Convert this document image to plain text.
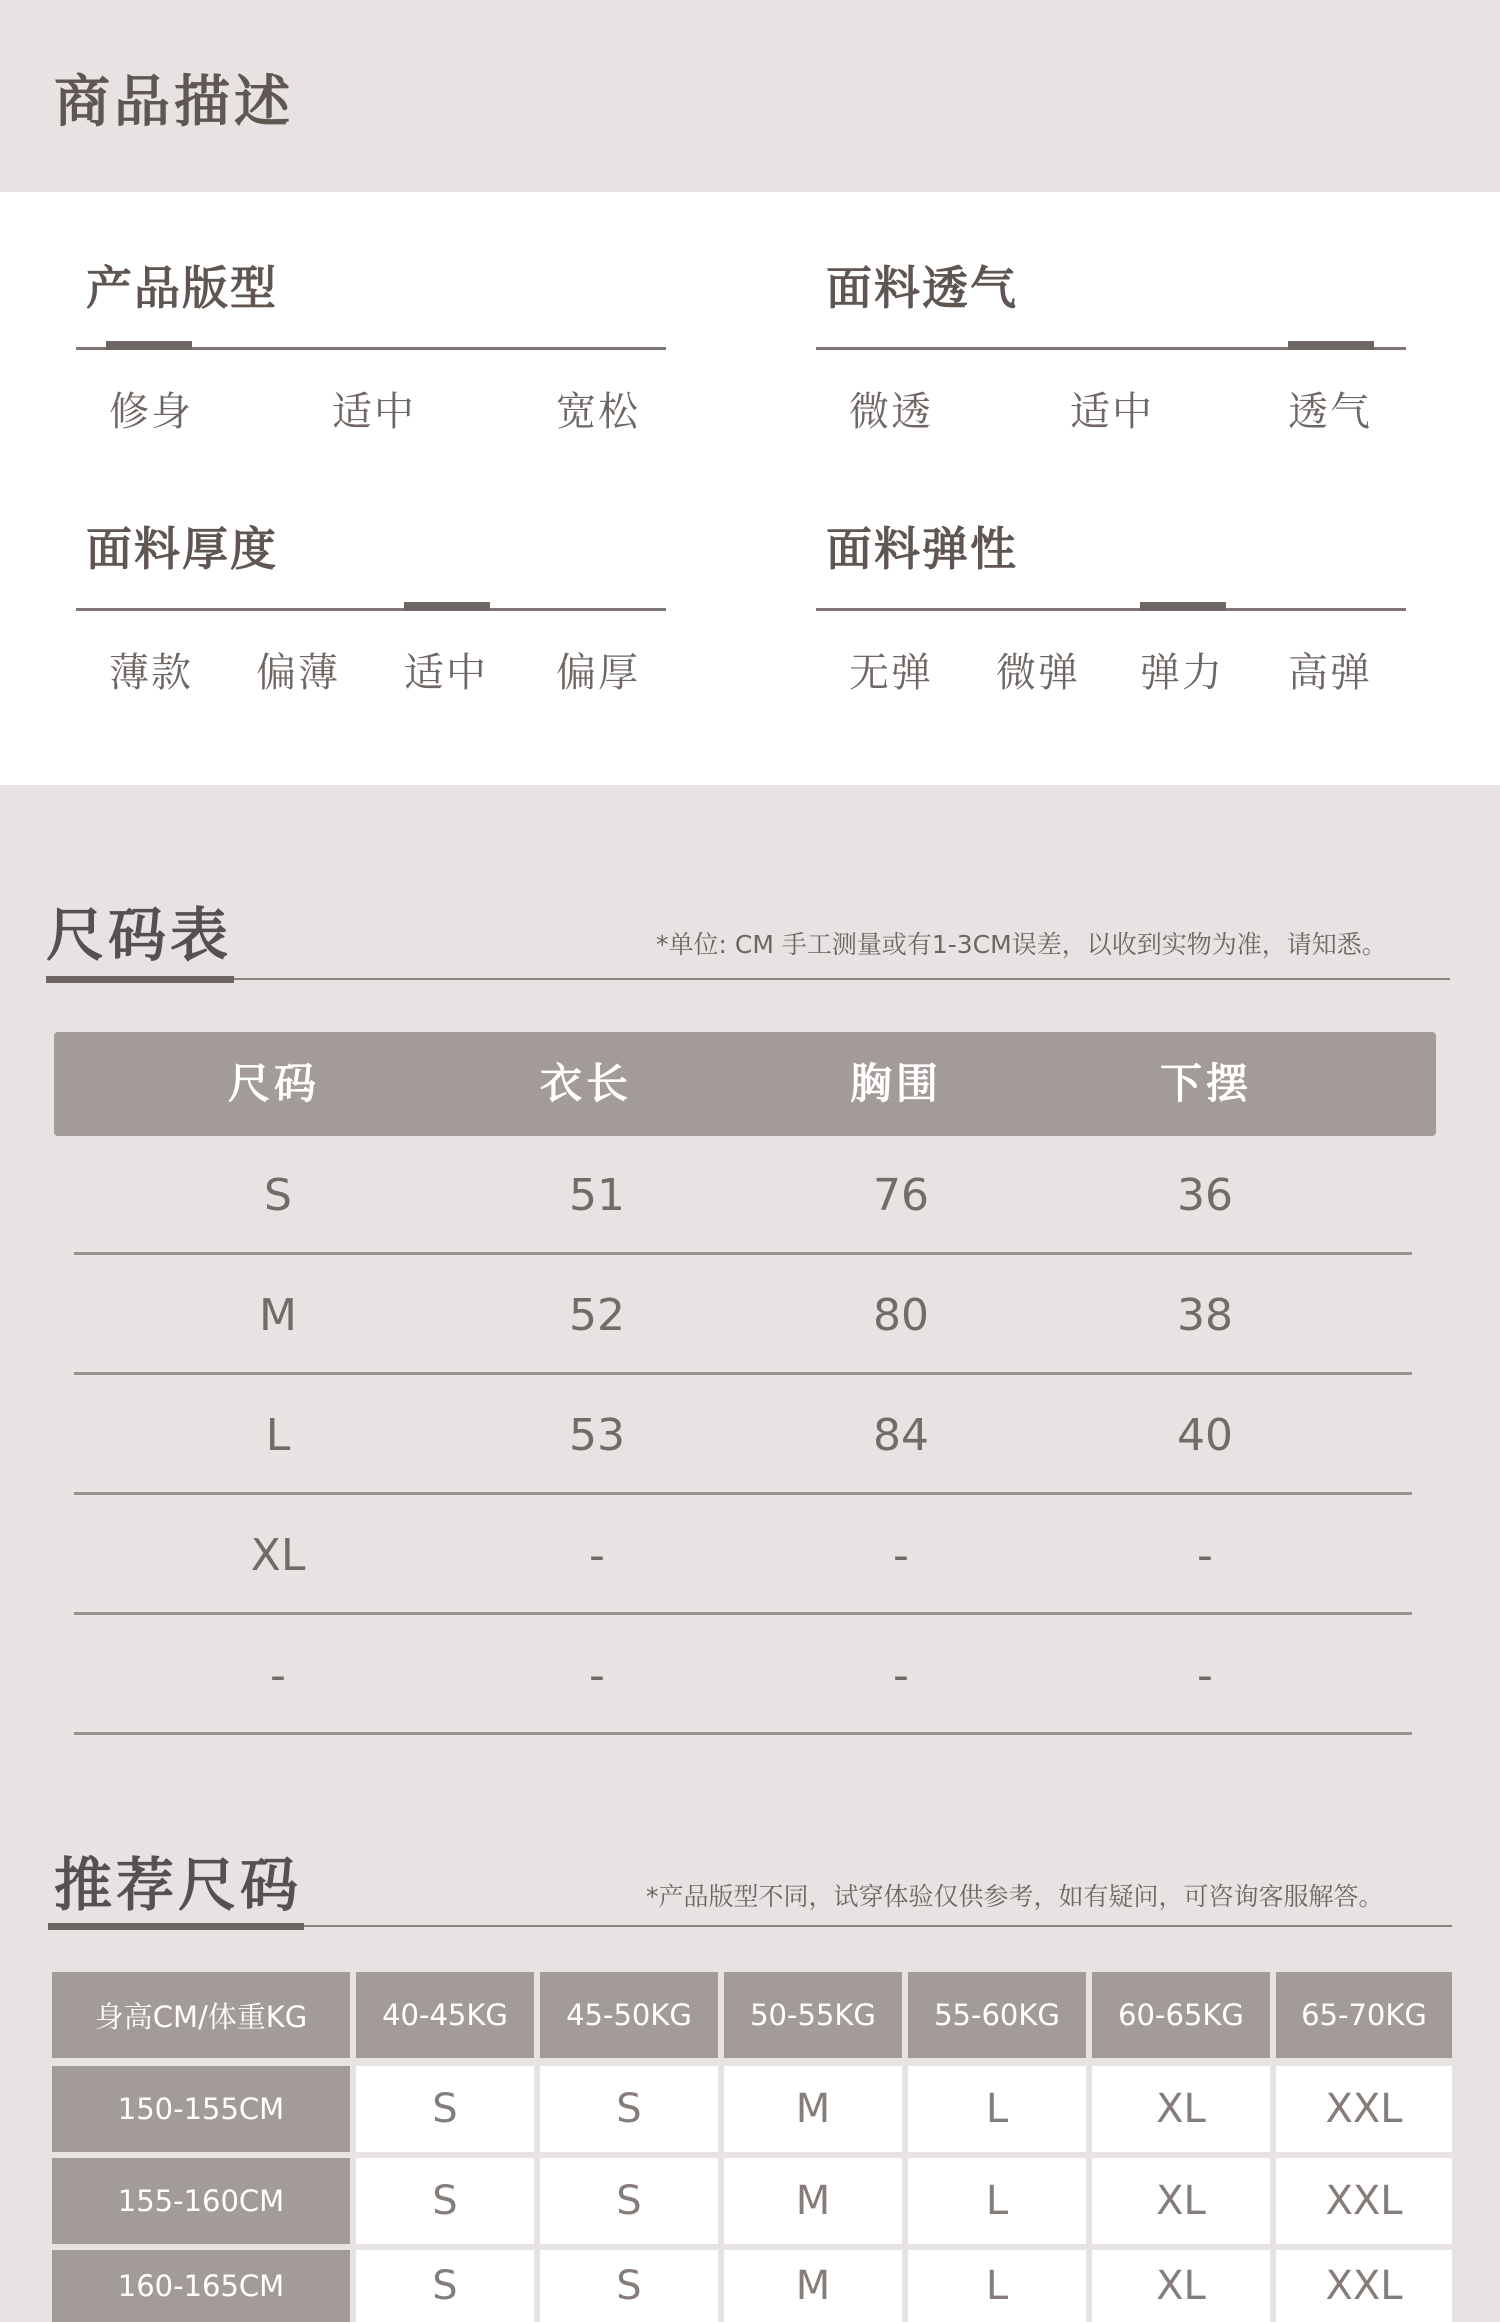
商品描述
产品版型
修身	适中	宽松
面料透气
微透	适中	透气
面料厚度
薄款 偏薄 适中 偏厚
面料弹性
无弹 微弹 弹力 高弹
尺码表	*单位: CM 手工测量或有1-3CM误差，以收到实物为准，请知悉。
尺码	衣长	胸围	下摆
S	51	76	36
M	52	80	38
L	53	84	40
XL	-	-	-
-	-	-	-
推荐尺码	*产品版型不同，试穿体验仅供参考，如有疑问，可咨询客服解答。
身高CM/体重KG	40-45KG	45-50KG	50-55KG	55-60KG	60-65KG	65-70KG
150-155CM	S	S	M	L	XL	XXL
155-160CM	S	S	M	L	XL	XXL
160-165CM	S	S	M	L	XL	XXL
